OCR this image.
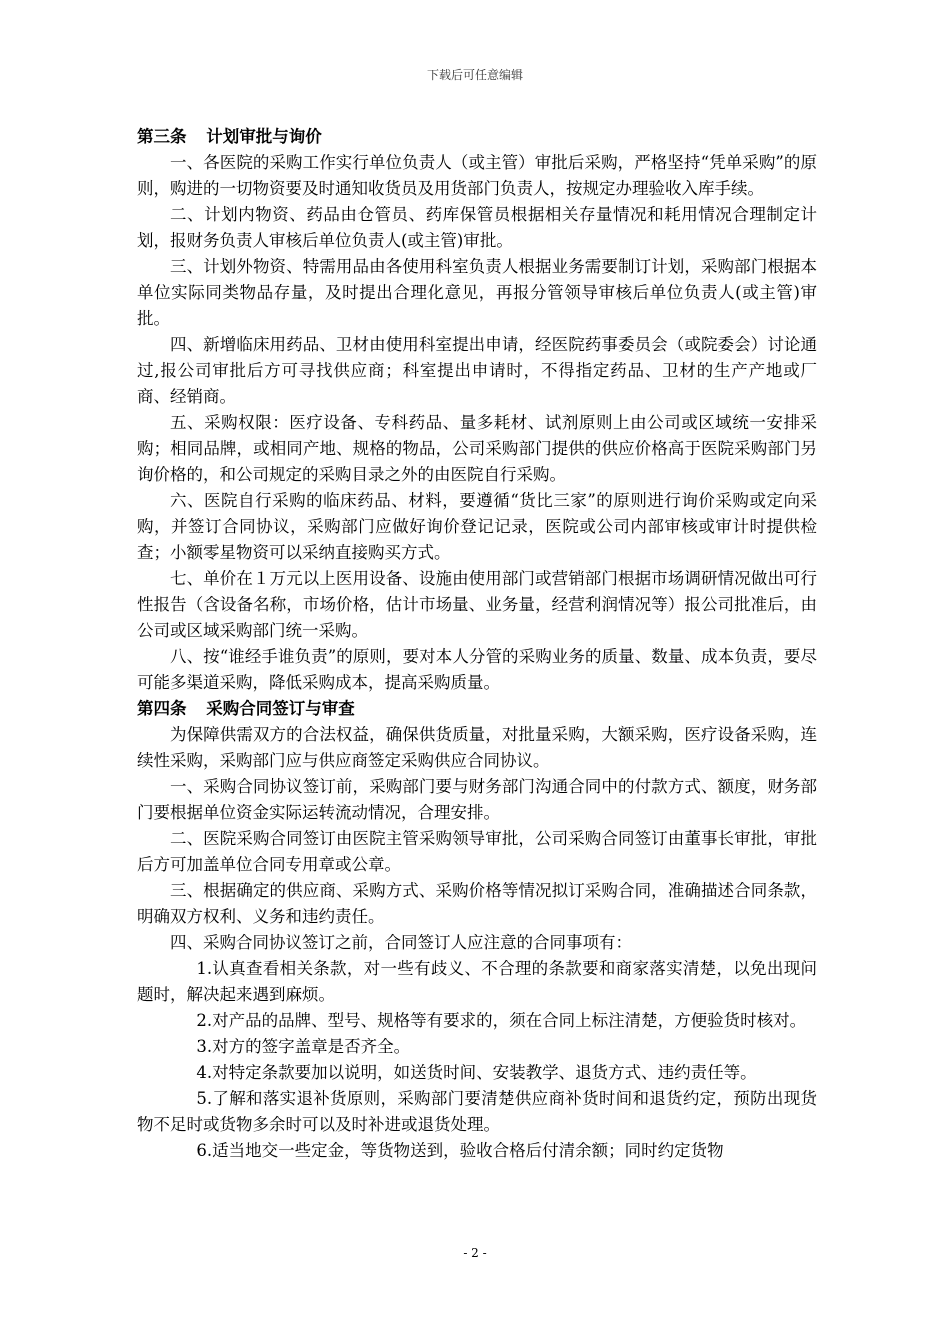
下载后可任意编辑
第三条 计划审批与询价

一、各医院的采购工作实行单位负责人（或主管）审批后采购，严格坚持“凭单采购”的原则，购进的一切物资要及时通知收货员及用货部门负责人，按规定办理验收入库手续。

二、计划内物资、药品由仓管员、药库保管员根据相关存量情况和耗用情况合理制定计划，报财务负责人审核后单位负责人(或主管)审批。

三、计划外物资、特需用品由各使用科室负责人根据业务需要制订计划，采购部门根据本单位实际同类物品存量，及时提出合理化意见，再报分管领导审核后单位负责人(或主管)审批。

四、新增临床用药品、卫材由使用科室提出申请，经医院药事委员会（或院委会）讨论通过,报公司审批后方可寻找供应商；科室提出申请时，不得指定药品、卫材的生产产地或厂商、经销商。

五、采购权限：医疗设备、专科药品、量多耗材、试剂原则上由公司或区域统一安排采购；相同品牌，或相同产地、规格的物品，公司采购部门提供的供应价格高于医院采购部门另询价格的，和公司规定的采购目录之外的由医院自行采购。

六、医院自行采购的临床药品、材料，要遵循“货比三家”的原则进行询价采购或定向采购，并签订合同协议，采购部门应做好询价登记记录，医院或公司内部审核或审计时提供检查；小额零星物资可以采纳直接购买方式。

七、单价在１万元以上医用设备、设施由使用部门或营销部门根据市场调研情况做出可行性报告（含设备名称，市场价格，估计市场量、业务量，经营利润情况等）报公司批准后，由公司或区域采购部门统一采购。

八、按“谁经手谁负责”的原则，要对本人分管的采购业务的质量、数量、成本负责，要尽可能多渠道采购，降低采购成本，提高采购质量。

第四条 采购合同签订与审查

为保障供需双方的合法权益，确保供货质量，对批量采购，大额采购，医疗设备采购，连续性采购，采购部门应与供应商签定采购供应合同协议。

一、采购合同协议签订前，采购部门要与财务部门沟通合同中的付款方式、额度，财务部门要根据单位资金实际运转流动情况，合理安排。

二、医院采购合同签订由医院主管采购领导审批，公司采购合同签订由董事长审批，审批后方可加盖单位合同专用章或公章。

三、根据确定的供应商、采购方式、采购价格等情况拟订采购合同，准确描述合同条款，明确双方权利、义务和违约责任。

四、采购合同协议签订之前，合同签订人应注意的合同事项有：

1.认真查看相关条款，对一些有歧义、不合理的条款要和商家落实清楚，以免出现问题时，解决起来遇到麻烦。

2.对产品的品牌、型号、规格等有要求的，须在合同上标注清楚，方便验货时核对。

3.对方的签字盖章是否齐全。

4.对特定条款要加以说明，如送货时间、安装教学、退货方式、违约责任等。

5.了解和落实退补货原则，采购部门要清楚供应商补货时间和退货约定，预防出现货物不足时或货物多余时可以及时补进或退货处理。

6.适当地交一些定金，等货物送到，验收合格后付清余额；同时约定货物

- 2 -
